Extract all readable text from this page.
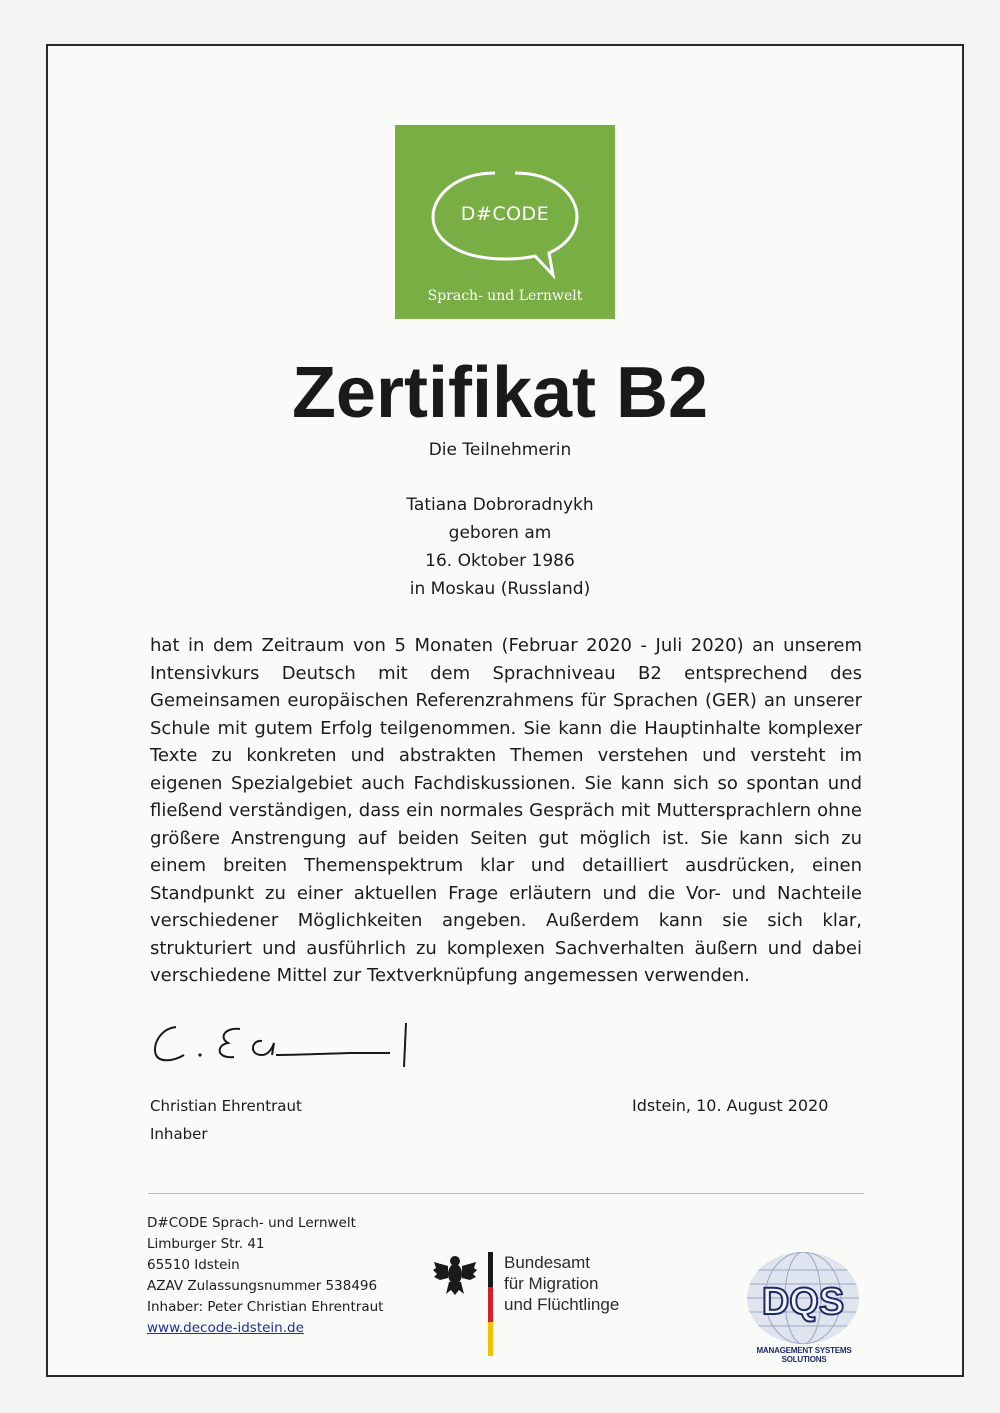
D#CODE
Sprach- und Lernwelt
Zertifikat B2
Die Teilnehmerin
Tatiana Dobroradnykh
geboren am
16. Oktober 1986
in Moskau (Russland)

hat in dem Zeitraum von 5 Monaten (Februar 2020 - Juli 2020) an unserem Intensivkurs Deutsch mit dem Sprachniveau B2 entsprechend des Gemeinsamen europäischen Referenzrahmens für Sprachen (GER) an unserer Schule mit gutem Erfolg teilgenommen. Sie kann die Hauptinhalte komplexer Texte zu konkreten und abstrakten Themen verstehen und versteht im eigenen Spezialgebiet auch Fachdiskussionen. Sie kann sich so spontan und fließend verständigen, dass ein normales Gespräch mit Muttersprachlern ohne größere Anstrengung auf beiden Seiten gut möglich ist. Sie kann sich zu einem breiten Themenspektrum klar und detailliert ausdrücken, einen Standpunkt zu einer aktuellen Frage erläutern und die Vor- und Nachteile verschiedener Möglichkeiten angeben. Außerdem kann sie sich klar, strukturiert und ausführlich zu komplexen Sachverhalten äußern und dabei verschiedene Mittel zur Textverknüpfung angemessen verwenden.

Christian Ehrentraut
Inhaber
Idstein, 10. August 2020
D#CODE Sprach- und Lernwelt
Limburger Str. 41
65510 Idstein
AZAV Zulassungsnummer 538496
Inhaber: Peter Christian Ehrentraut
www.decode-idstein.de
Bundesamt
für Migration
und Flüchtlinge	DQS
MANAGEMENT SYSTEMS SOLUTIONS
